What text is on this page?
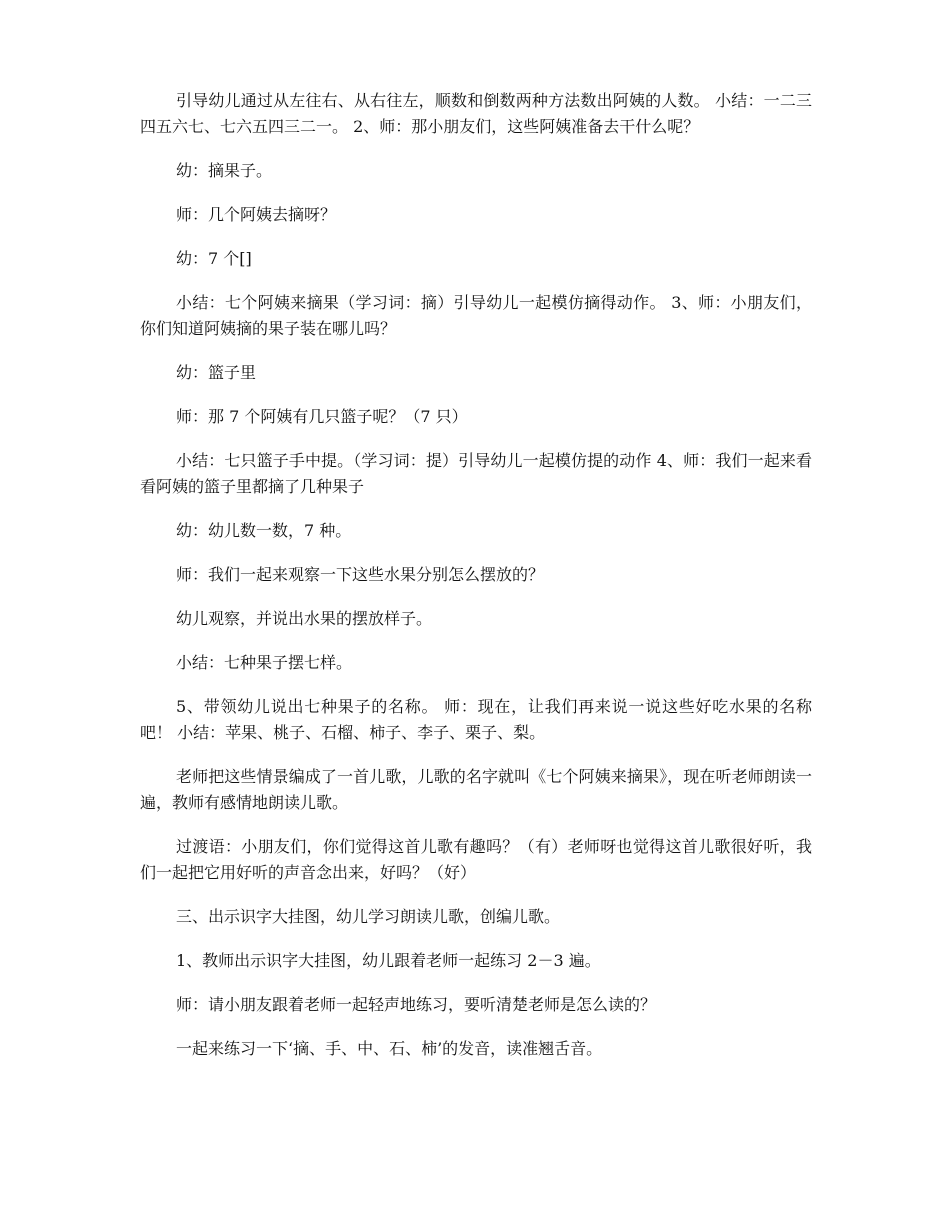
引导幼儿通过从左往右、从右往左，顺数和倒数两种方法数出阿姨的人数。 小结：一二三四五六七、七六五四三二一。 2、师：那小朋友们，这些阿姨准备去干什么呢？

幼：摘果子。

师：几个阿姨去摘呀？

幼：7 个[]

小结：七个阿姨来摘果（学习词：摘）引导幼儿一起模仿摘得动作。 3、师：小朋友们，你们知道阿姨摘的果子装在哪儿吗？

幼：篮子里

师：那 7 个阿姨有几只篮子呢？（7 只）

小结：七只篮子手中提。（学习词：提）引导幼儿一起模仿提的动作 4、师：我们一起来看看阿姨的篮子里都摘了几种果子

幼：幼儿数一数，7 种。

师：我们一起来观察一下这些水果分别怎么摆放的？

幼儿观察，并说出水果的摆放样子。

小结：七种果子摆七样。

5、带领幼儿说出七种果子的名称。 师：现在，让我们再来说一说这些好吃水果的名称吧！ 小结：苹果、桃子、石榴、柿子、李子、栗子、梨。

老师把这些情景编成了一首儿歌，儿歌的名字就叫《七个阿姨来摘果》，现在听老师朗读一遍，教师有感情地朗读儿歌。

过渡语：小朋友们，你们觉得这首儿歌有趣吗？（有）老师呀也觉得这首儿歌很好听，我们一起把它用好听的声音念出来，好吗？（好）

三、出示识字大挂图，幼儿学习朗读儿歌，创编儿歌。

1、教师出示识字大挂图，幼儿跟着老师一起练习 2－3 遍。

师：请小朋友跟着老师一起轻声地练习，要听清楚老师是怎么读的？

一起来练习一下‘摘、手、中、石、柿’的发音，读准翘舌音。
